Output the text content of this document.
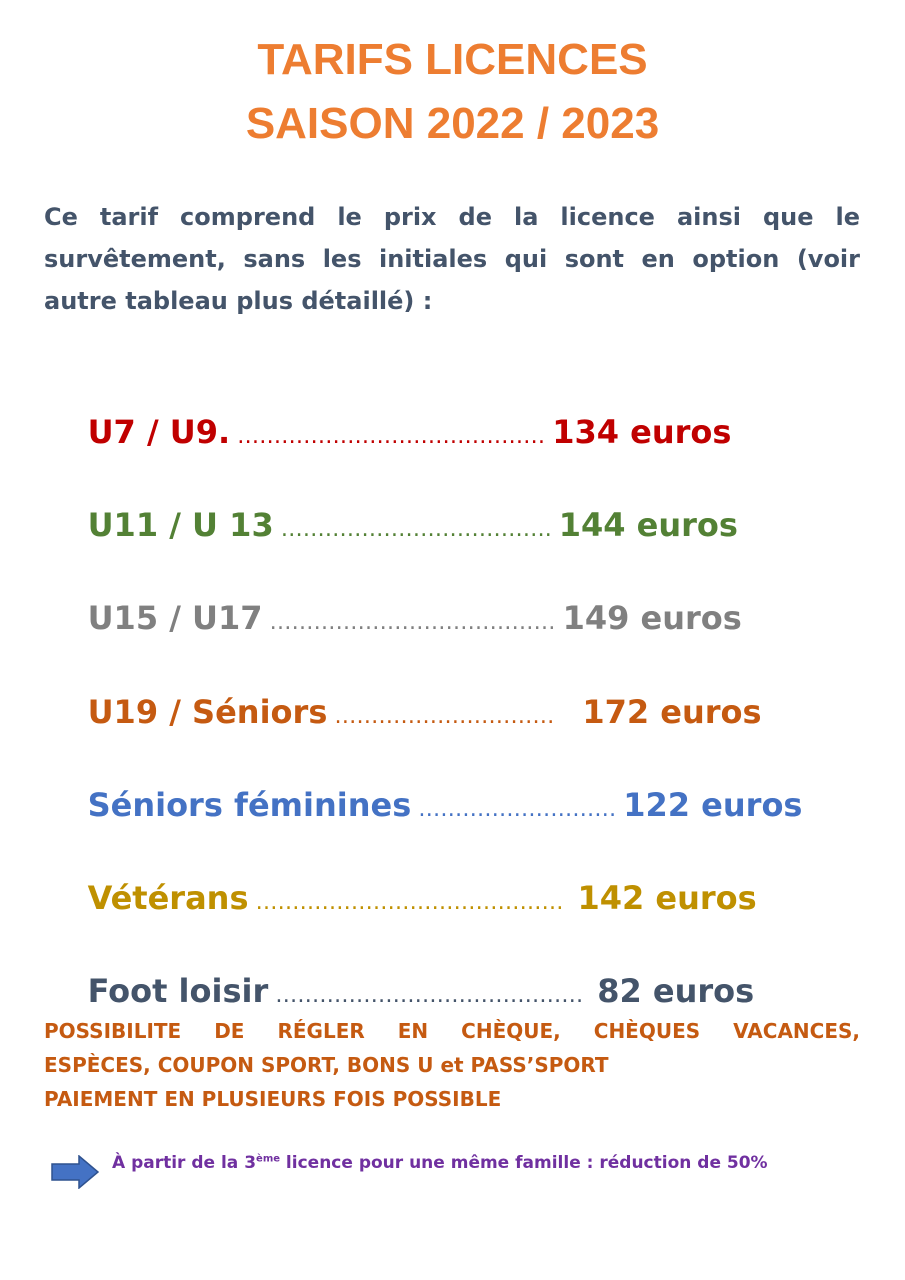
TARIFS LICENCES
SAISON 2022 / 2023
Ce tarif comprend le prix de la licence ainsi que le survêtement, sans les initiales qui sont en option (voir autre tableau plus détaillé) :

U7 / U9. …………………………………… 134 euros

U11 / U 13 ………………………………. 144 euros

U15 / U17 ………………………………… 149 euros

U19 / Séniors …………………………    172 euros

Séniors féminines ……………………… 122 euros

Vétérans ……………………………………  142 euros

Foot loisir ……………………………………  82 euros

POSSIBILITE DE RÉGLER EN CHÈQUE, CHÈQUES VACANCES,
ESPÈCES, COUPON SPORT, BONS U et PASS’SPORT
PAIEMENT EN PLUSIEURS FOIS POSSIBLE
À partir de la 3ème licence pour une même famille : réduction de 50%
